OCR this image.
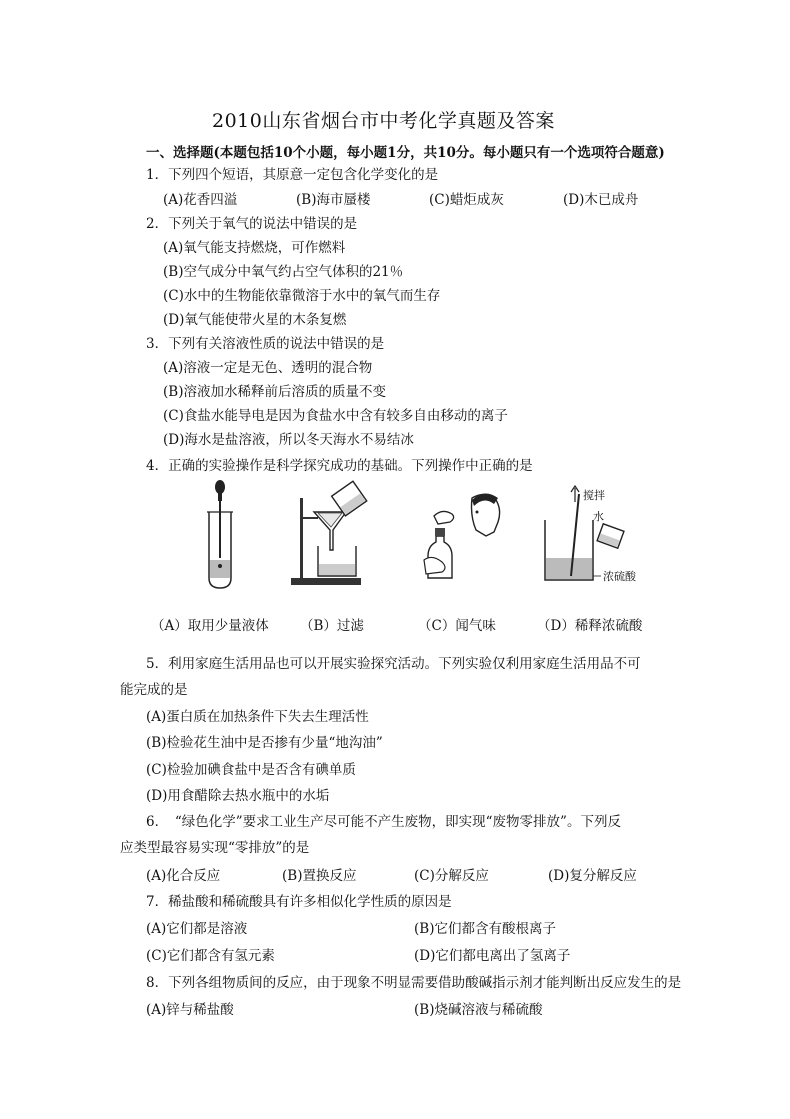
2010山东省烟台市中考化学真题及答案
一、选择题(本题包括10个小题，每小题1分，共10分。每小题只有一个选项符合题意)
1．下列四个短语，其原意一定包含化学变化的是
(A)花香四溢	(B)海市蜃楼	(C)蜡炬成灰	(D)木已成舟
2．下列关于氧气的说法中错误的是
(A)氧气能支持燃烧，可作燃料
(B)空气成分中氧气约占空气体积的21％
(C)水中的生物能依靠微溶于水中的氧气而生存
(D)氧气能使带火星的木条复燃
3．下列有关溶液性质的说法中错误的是
(A)溶液一定是无色、透明的混合物
(B)溶液加水稀释前后溶质的质量不变
(C)食盐水能导电是因为食盐水中含有较多自由移动的离子
(D)海水是盐溶液，所以冬天海水不易结冰
4．正确的实验操作是科学探究成功的基础。下列操作中正确的是
搅拌
水
浓硫酸
（A）取用少量液体 （B）过滤	（C）闻气味	（D）稀释浓硫酸
5．利用家庭生活用品也可以开展实验探究活动。下列实验仅利用家庭生活用品不可
能完成的是
(A)蛋白质在加热条件下失去生理活性
(B)检验花生油中是否掺有少量“地沟油”
(C)检验加碘食盐中是否含有碘单质
(D)用食醋除去热水瓶中的水垢
6．　“绿色化学”要求工业生产尽可能不产生废物，即实现“废物零排放”。下列反
应类型最容易实现“零排放”的是
(A)化合反应	(B)置换反应	(C)分解反应	(D)复分解反应
7．稀盐酸和稀硫酸具有许多相似化学性质的原因是
(A)它们都是溶液	(B)它们都含有酸根离子
(C)它们都含有氢元素	(D)它们都电离出了氢离子
8．下列各组物质间的反应，由于现象不明显需要借助酸碱指示剂才能判断出反应发生的是
(A)锌与稀盐酸	(B)烧碱溶液与稀硫酸
